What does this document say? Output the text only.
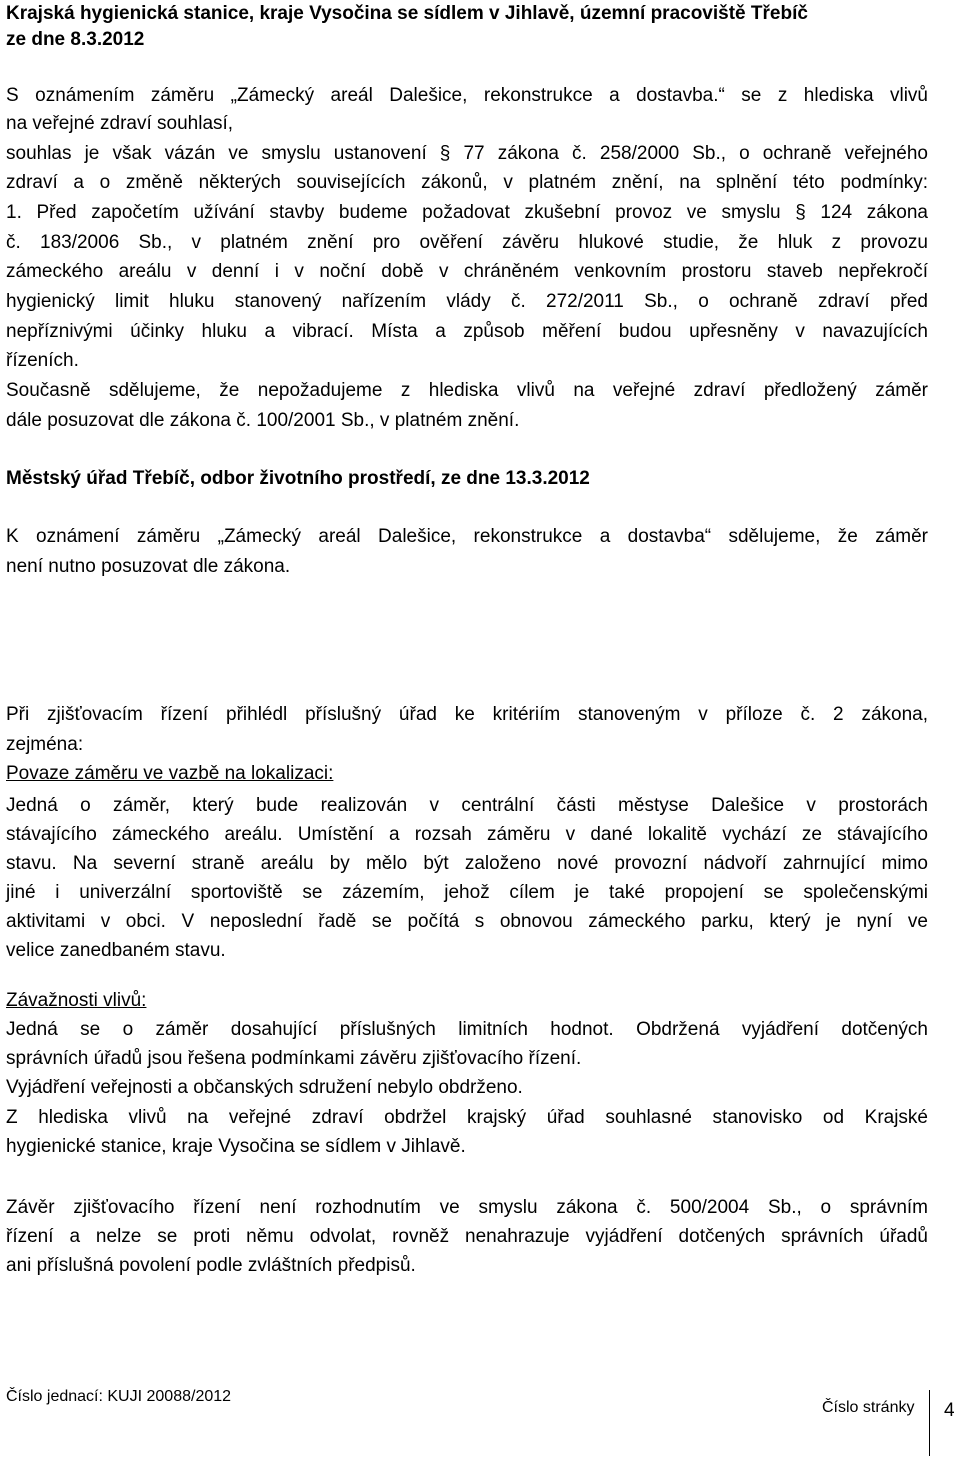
Krajská hygienická stanice, kraje Vysočina se sídlem v Jihlavě, územní pracoviště Třebíč
ze dne 8.3.2012
S oznámením záměru „Zámecký areál Dalešice, rekonstrukce a dostavba.“ se z hlediska vlivů
na veřejné zdraví souhlasí,
souhlas je však vázán ve smyslu ustanovení § 77 zákona č. 258/2000 Sb., o ochraně veřejného
zdraví a o změně některých souvisejících zákonů, v platném znění, na splnění této podmínky:
1. Před započetím užívání stavby budeme požadovat zkušební provoz ve smyslu § 124 zákona
č. 183/2006 Sb., v platném znění pro ověření závěru hlukové studie, že hluk z provozu
zámeckého areálu v denní i v noční době v chráněném venkovním prostoru staveb nepřekročí
hygienický limit hluku stanovený nařízením vlády č. 272/2011 Sb., o ochraně zdraví před
nepříznivými účinky hluku a vibrací. Místa a způsob měření budou upřesněny v navazujících
řízeních.
Současně sdělujeme, že nepožadujeme z hlediska vlivů na veřejné zdraví předložený záměr
dále posuzovat dle zákona č. 100/2001 Sb., v platném znění.
Městský úřad Třebíč, odbor životního prostředí, ze dne 13.3.2012
K oznámení záměru „Zámecký areál Dalešice, rekonstrukce a dostavba“ sdělujeme, že záměr
není nutno posuzovat dle zákona.
Při zjišťovacím řízení přihlédl příslušný úřad ke kritériím stanoveným v příloze č. 2 zákona,
zejména:
Povaze záměru ve vazbě na lokalizaci:
Jedná o záměr, který bude realizován v centrální části městyse Dalešice v prostorách
stávajícího zámeckého areálu. Umístění a rozsah záměru v dané lokalitě vychází ze stávajícího
stavu. Na severní straně areálu by mělo být založeno nové provozní nádvoří zahrnující mimo
jiné i univerzální sportoviště se zázemím, jehož cílem je také propojení se společenskými
aktivitami v obci. V neposlední řadě se počítá s obnovou zámeckého parku, který je nyní ve
velice zanedbaném stavu.
Závažnosti vlivů:
Jedná se o záměr dosahující příslušných limitních hodnot. Obdržená vyjádření dotčených
správních úřadů jsou řešena podmínkami závěru zjišťovacího řízení.
Vyjádření veřejnosti a občanských sdružení nebylo obdrženo.
Z hlediska vlivů na veřejné zdraví obdržel krajský úřad souhlasné stanovisko od Krajské
hygienické stanice, kraje Vysočina se sídlem v Jihlavě.
Závěr zjišťovacího řízení není rozhodnutím ve smyslu zákona č. 500/2004 Sb., o správním
řízení a nelze se proti němu odvolat, rovněž nenahrazuje vyjádření dotčených správních úřadů
ani příslušná povolení podle zvláštních předpisů.
Číslo jednací: KUJI 20088/2012
Číslo stránky 4
